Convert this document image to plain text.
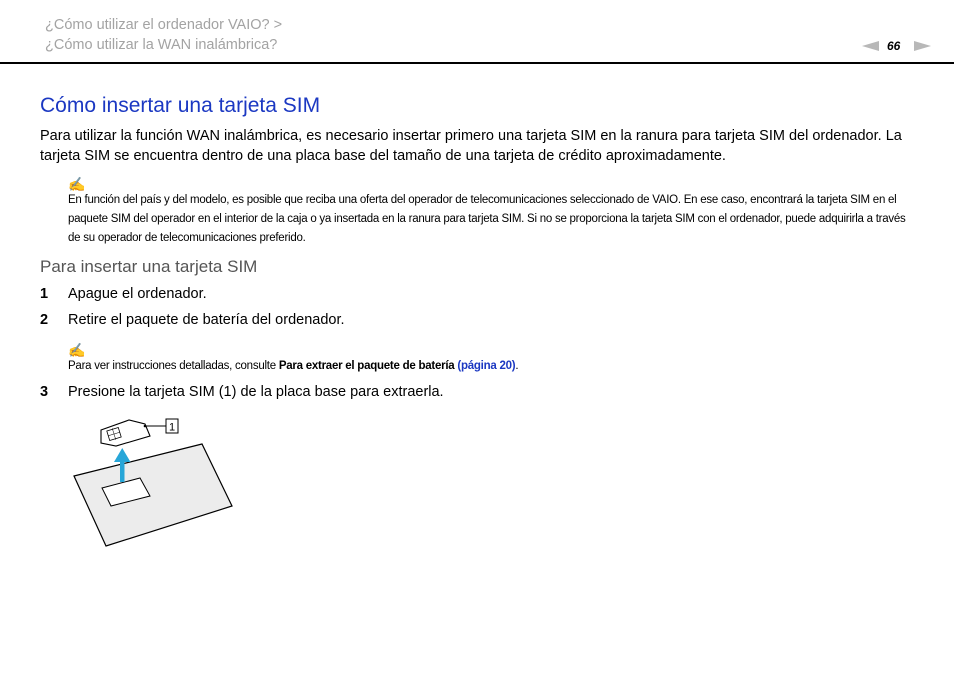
¿Cómo utilizar el ordenador VAIO? >
¿Cómo utilizar la WAN inalámbrica?	66
Cómo insertar una tarjeta SIM

Para utilizar la función WAN inalámbrica, es necesario insertar primero una tarjeta SIM en la ranura para tarjeta SIM del ordenador. La tarjeta SIM se encuentra dentro de una placa base del tamaño de una tarjeta de crédito aproximadamente.

✍

En función del país y del modelo, es posible que reciba una oferta del operador de telecomunicaciones seleccionado de VAIO. En ese caso, encontrará la tarjeta SIM en el paquete SIM del operador en el interior de la caja o ya insertada en la ranura para tarjeta SIM. Si no se proporciona la tarjeta SIM con el ordenador, puede adquirirla a través de su operador de telecomunicaciones preferido.

Para insertar una tarjeta SIM
1 Apague el ordenador.
2 Retire el paquete de batería del ordenador.
✍

Para ver instrucciones detalladas, consulte Para extraer el paquete de batería (página 20).

3 Presione la tarjeta SIM (1) de la placa base para extraerla.
1
